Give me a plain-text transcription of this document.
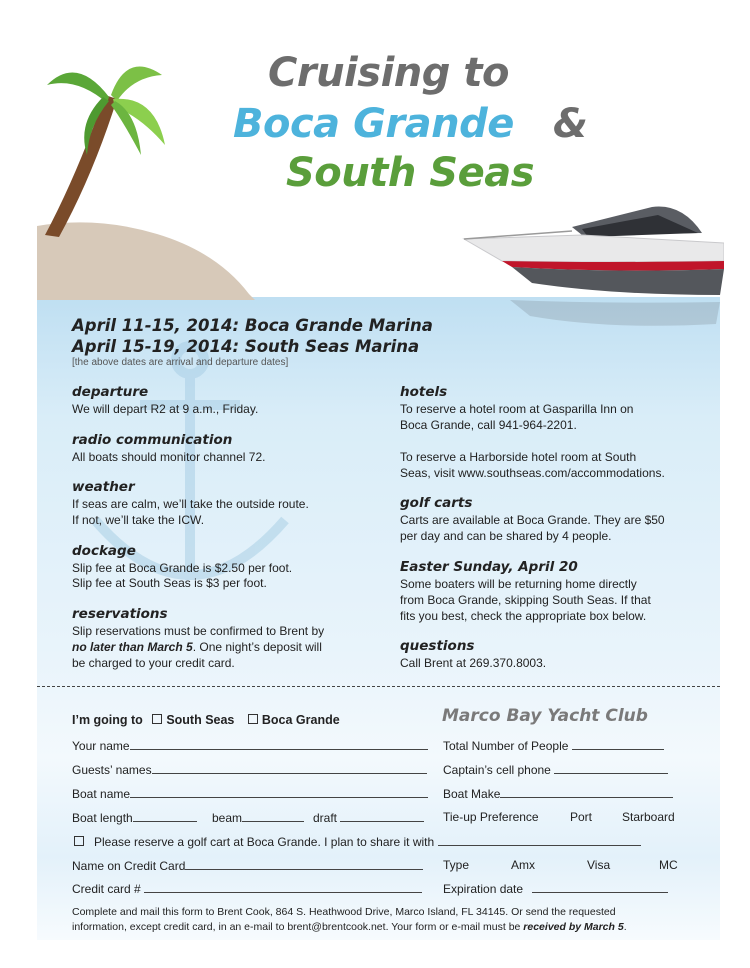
Cruising to
Boca Grande &
South Seas
April 11-15, 2014: Boca Grande Marina
April 15-19, 2014: South Seas Marina
[the above dates are arrival and departure dates]
departure
We will depart R2 at 9 a.m., Friday.
radio communication
All boats should monitor channel 72.
weather
If seas are calm, we’ll take the outside route.
If not, we’ll take the ICW.
dockage
Slip fee at Boca Grande is $2.50 per foot.
Slip fee at South Seas is $3 per foot.
reservations
Slip reservations must be confirmed to Brent by
no later than March 5. One night’s deposit will
be charged to your credit card.
hotels
To reserve a hotel room at Gasparilla Inn on
Boca Grande, call 941-964-2201.
To reserve a Harborside hotel room at South
Seas, visit www.southseas.com/accommodations.
golf carts
Carts are available at Boca Grande. They are $50
per day and can be shared by 4 people.
Easter Sunday, April 20
Some boaters will be returning home directly
from Boca Grande, skipping South Seas. If that
fits you best, check the appropriate box below.
questions
Call Brent at 269.370.8003.
Marco Bay Yacht Club
I’m going to South Seas Boca Grande
Your name	Total Number of People
Guests’ names	Captain’s cell phone
Boat name	Boat Make
Boat length	beam	draft	Tie-up Preference	Port Starboard
Please reserve a golf cart at Boca Grande. I plan to share it with
Name on Credit Card	Type	Amx	Visa	MC
Credit card #	Expiration date
Complete and mail this form to Brent Cook, 864 S. Heathwood Drive, Marco Island, FL 34145. Or send the requested
information, except credit card, in an e-mail to brent@brentcook.net. Your form or e-mail must be received by March 5.
